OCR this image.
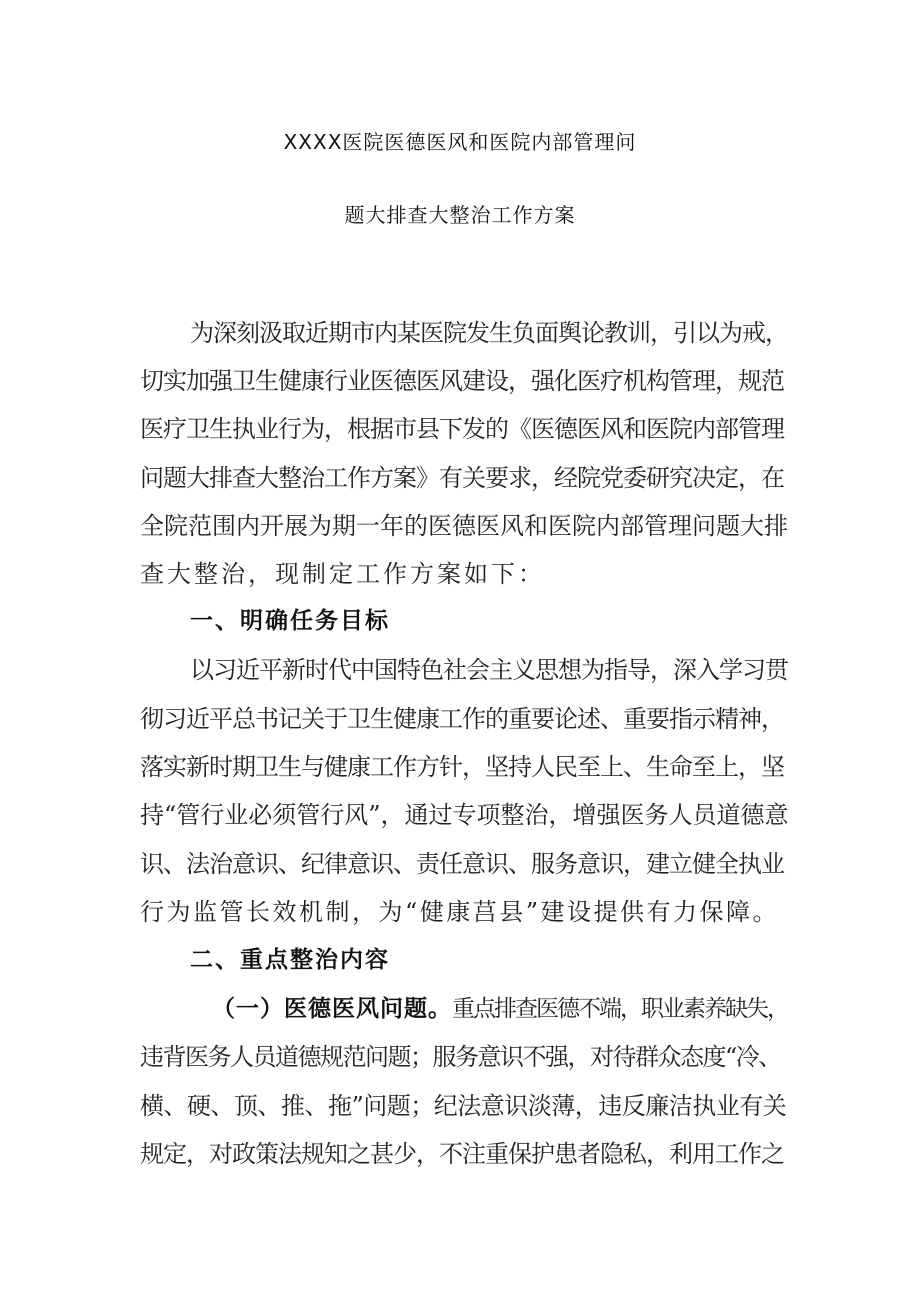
XXXX医院医德医风和医院内部管理问
题大排查大整治工作方案
为深刻汲取近期市内某医院发生负面舆论教训，引以为戒，
切实加强卫生健康行业医德医风建设，强化医疗机构管理，规范
医疗卫生执业行为，根据市县下发的《医德医风和医院内部管理
问题大排查大整治工作方案》有关要求，经院党委研究决定，在
全院范围内开展为期一年的医德医风和医院内部管理问题大排
查大整治，现制定工作方案如下：
一、明确任务目标
以习近平新时代中国特色社会主义思想为指导，深入学习贯
彻习近平总书记关于卫生健康工作的重要论述、重要指示精神，
落实新时期卫生与健康工作方针，坚持人民至上、生命至上，坚
持“管行业必须管行风”，通过专项整治，增强医务人员道德意
识、法治意识、纪律意识、责任意识、服务意识，建立健全执业
行为监管长效机制，为“健康莒县”建设提供有力保障。
二、重点整治内容
（一）医德医风问题。重点排查医德不端，职业素养缺失，
违背医务人员道德规范问题；服务意识不强，对待群众态度“冷、
横、硬、顶、推、拖”问题；纪法意识淡薄，违反廉洁执业有关
规定，对政策法规知之甚少，不注重保护患者隐私，利用工作之
